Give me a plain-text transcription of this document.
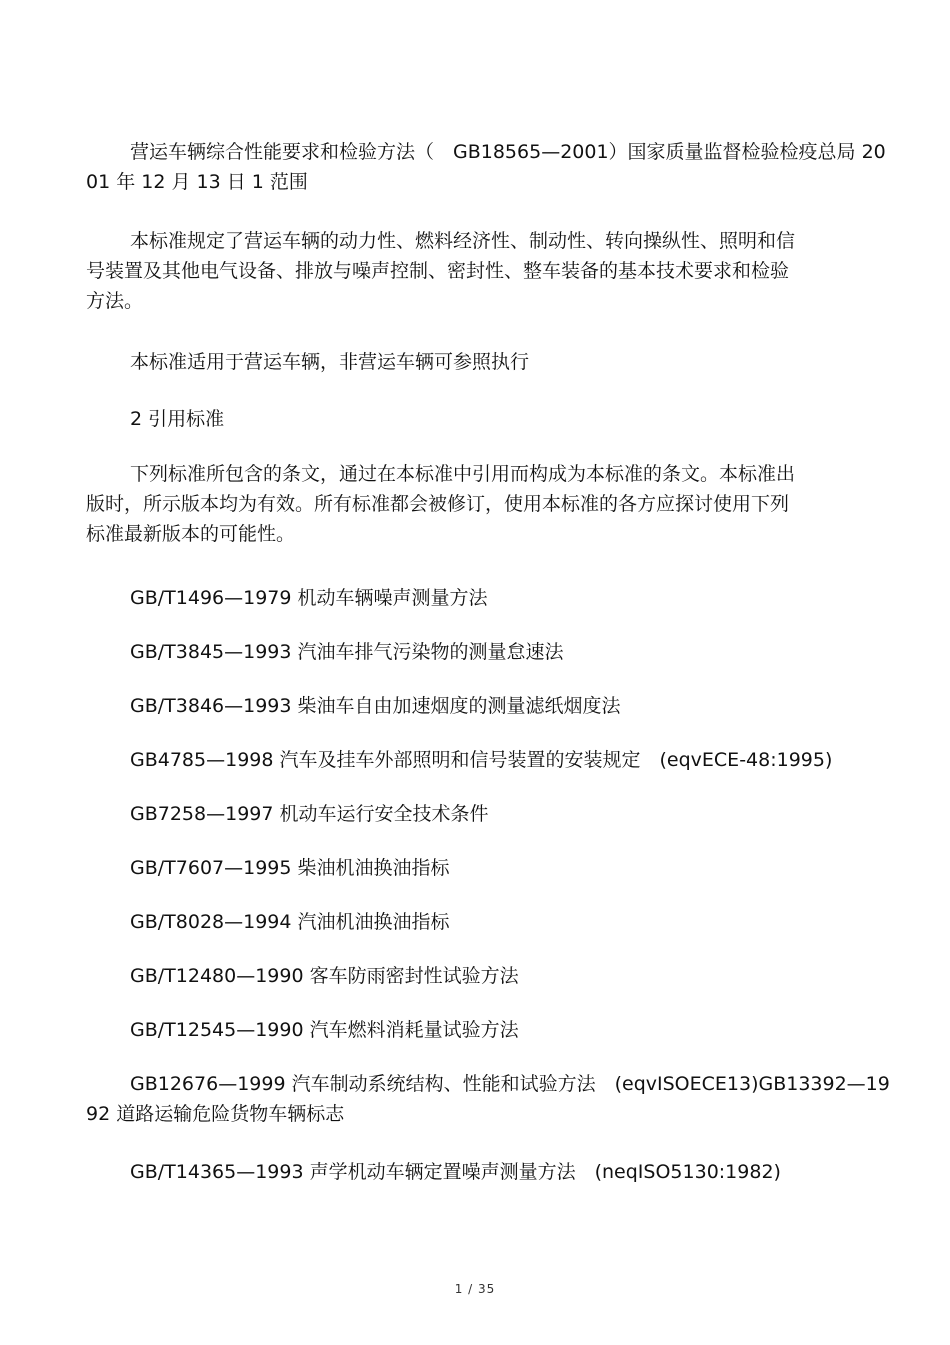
营运车辆综合性能要求和检验方法（　GB18565—2001）国家质量监督检验检疫总局 2001 年 12 月 13 日 1 范围

本标准规定了营运车辆的动力性、燃料经济性、制动性、转向操纵性、照明和信号装置及其他电气设备、排放与噪声控制、密封性、整车装备的基本技术要求和检验方法。

本标准适用于营运车辆，非营运车辆可参照执行

2 引用标准

下列标准所包含的条文，通过在本标准中引用而构成为本标准的条文。本标准出版时，所示版本均为有效。所有标准都会被修订，使用本标准的各方应探讨使用下列标准最新版本的可能性。

GB/T1496—1979 机动车辆噪声测量方法
GB/T3845—1993 汽油车排气污染物的测量怠速法
GB/T3846—1993 柴油车自由加速烟度的测量滤纸烟度法
GB4785—1998 汽车及挂车外部照明和信号装置的安装规定　(eqvECE-48:1995)
GB7258—1997 机动车运行安全技术条件
GB/T7607—1995 柴油机油换油指标
GB/T8028—1994 汽油机油换油指标
GB/T12480—1990 客车防雨密封性试验方法
GB/T12545—1990 汽车燃料消耗量试验方法

GB12676—1999 汽车制动系统结构、性能和试验方法　(eqvISOECE13)GB13392—1992 道路运输危险货物车辆标志

GB/T14365—1993 声学机动车辆定置噪声测量方法　(neqISO5130:1982)
1 / 35
